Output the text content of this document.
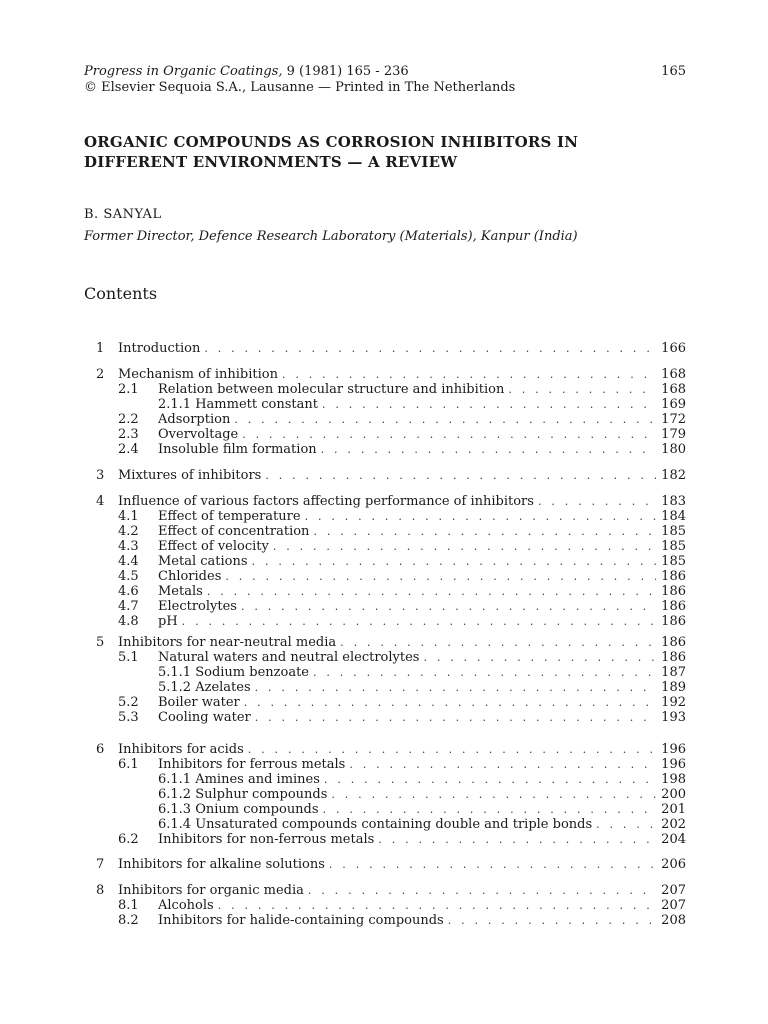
Progress in Organic Coatings, 9 (1981) 165 - 236
© Elsevier Sequoia S.A., Lausanne — Printed in The Netherlands
165
ORGANIC COMPOUNDS AS CORROSION INHIBITORS IN
DIFFERENT ENVIRONMENTS — A REVIEW
B. SANYAL
Former Director, Defence Research Laboratory (Materials), Kanpur (India)
Contents
1 Introduction . . .	166
2 Mechanism of inhibition . . .	168
2.1 Relation between molecular structure and inhibition . . .	168
2.1.1 Hammett constant . . .	169
2.2 Adsorption . . .	172
2.3 Overvoltage . . .	179
2.4 Insoluble film formation . . .	180
3 Mixtures of inhibitors . . .	182
4 Influence of various factors affecting performance of inhibitors . . .	183
4.1 Effect of temperature . . .	184
4.2 Effect of concentration . . .	185
4.3 Effect of velocity . . .	185
4.4 Metal cations . . .	185
4.5 Chlorides . . .	186
4.6 Metals . . .	186
4.7 Electrolytes . . .	186
4.8 pH . . .	186
5 Inhibitors for near-neutral media . . .	186
5.1 Natural waters and neutral electrolytes . . .	186
5.1.1 Sodium benzoate . . .	187
5.1.2 Azelates . . .	189
5.2 Boiler water . . .	192
5.3 Cooling water . . .	193
6 Inhibitors for acids . . .	196
6.1 Inhibitors for ferrous metals . . .	196
6.1.1 Amines and imines . . .	198
6.1.2 Sulphur compounds . . .	200
6.1.3 Onium compounds . . .	201
6.1.4 Unsaturated compounds containing double and triple bonds . . .	202
6.2 Inhibitors for non-ferrous metals . . .	204
7 Inhibitors for alkaline solutions . . .	206
8 Inhibitors for organic media . . .	207
8.1 Alcohols . . .	207
8.2 Inhibitors for halide-containing compounds . . .	208
